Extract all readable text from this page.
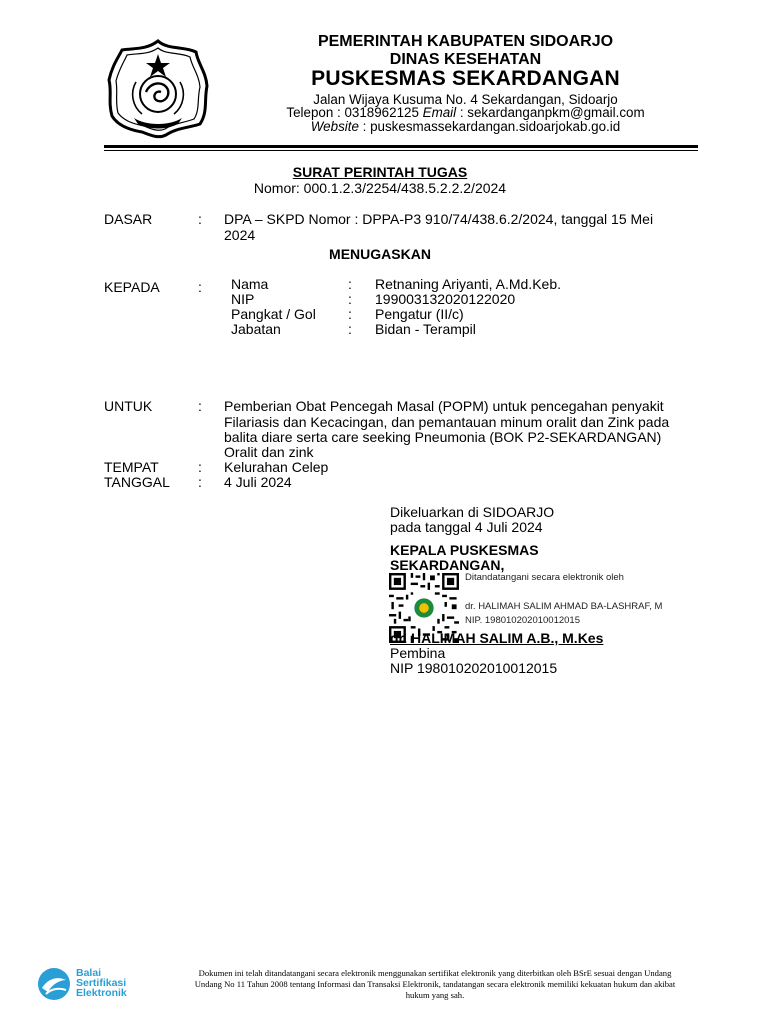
PEMERINTAH KABUPATEN SIDOARJO
DINAS KESEHATAN
PUSKESMAS SEKARDANGAN
Jalan Wijaya Kusuma No. 4 Sekardangan, Sidoarjo
Telepon : 0318962125 Email : sekardanganpkm@gmail.com
Website : puskesmassekardangan.sidoarjokab.go.id
SURAT PERINTAH TUGAS
Nomor: 000.1.2.3/2254/438.5.2.2.2/2024
DASAR	: DPA – SKPD Nomor : DPPA-P3 910/74/438.6.2/2024, tanggal 15 Mei
2024
MENUGASKAN
KEPADA	: Nama	: Retnaning Ariyanti, A.Md.Keb.
NIP	: 199003132020122020
Pangkat / Gol : Pengatur (II/c)
Jabatan	: Bidan - Terampil
UNTUK	: Pemberian Obat Pencegah Masal (POPM) untuk pencegahan penyakit
Filariasis dan Kecacingan, dan pemantauan minum oralit dan Zink pada
balita diare serta care seeking Pneumonia (BOK P2-SEKARDANGAN)
Oralit dan zink
TEMPAT	: Kelurahan Celep
TANGGAL : 4 Juli 2024
Dikeluarkan di SIDOARJO
pada tanggal 4 Juli 2024
KEPALA PUSKESMAS
SEKARDANGAN,
Ditandatangani secara elektronik oleh
dr. HALIMAH SALIM AHMAD BA-LASHRAF, M
NIP. 198010202010012015
dr. HALIMAH SALIM A.B., M.Kes
Pembina
NIP 198010202010012015
Balai
Sertifikasi
Elektronik
Dokumen ini telah ditandatangani secara elektronik menggunakan sertifikat elektronik yang diterbitkan oleh BSrE sesuai dengan Undang
Undang No 11 Tahun 2008 tentang Informasi dan Transaksi Elektronik, tandatangan secara elektronik memiliki kekuatan hukum dan akibat
hukum yang sah.
